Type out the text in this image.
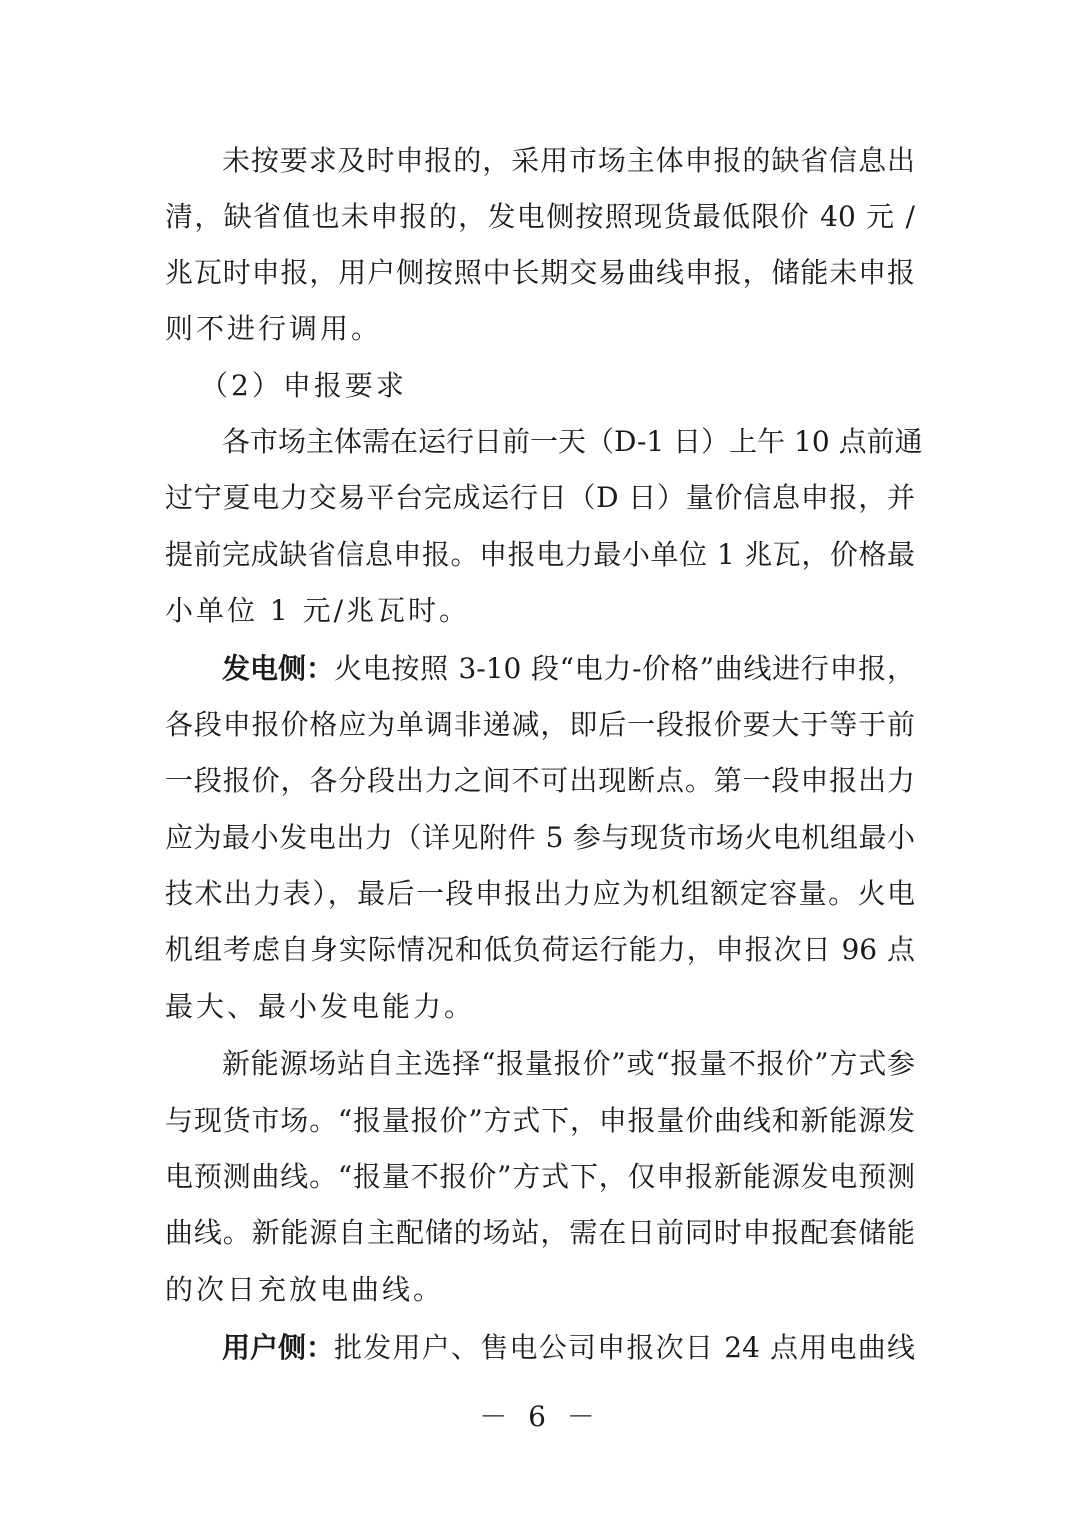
未按要求及时申报的，采用市场主体申报的缺省信息出
清，缺省值也未申报的，发电侧按照现货最低限价 40 元 /
兆瓦时申报，用户侧按照中长期交易曲线申报，储能未申报
则不进行调用。
（2）申报要求
各市场主体需在运行日前一天（D-1 日）上午 10 点前通
过宁夏电力交易平台完成运行日（D 日）量价信息申报，并
提前完成缺省信息申报。申报电力最小单位 1 兆瓦，价格最
小单位 1 元/兆瓦时。
发电侧： 火电按照 3-10 段“电力-价格”曲线进行申报，
各段申报价格应为单调非递减，即后一段报价要大于等于前
一段报价，各分段出力之间不可出现断点。第一段申报出力
应为最小发电出力（详见附件 5 参与现货市场火电机组最小
技术出力表），最后一段申报出力应为机组额定容量。火电
机组考虑自身实际情况和低负荷运行能力，申报次日 96 点
最大、最小发电能力。
新能源场站自主选择“报量报价”或“报量不报价”方式参
与现货市场。“报量报价”方式下，申报量价曲线和新能源发
电预测曲线。“报量不报价”方式下，仅申报新能源发电预测
曲线。新能源自主配储的场站，需在日前同时申报配套储能
的次日充放电曲线。
用户侧： 批发用户、售电公司申报次日 24 点用电曲线
－ 6 －
